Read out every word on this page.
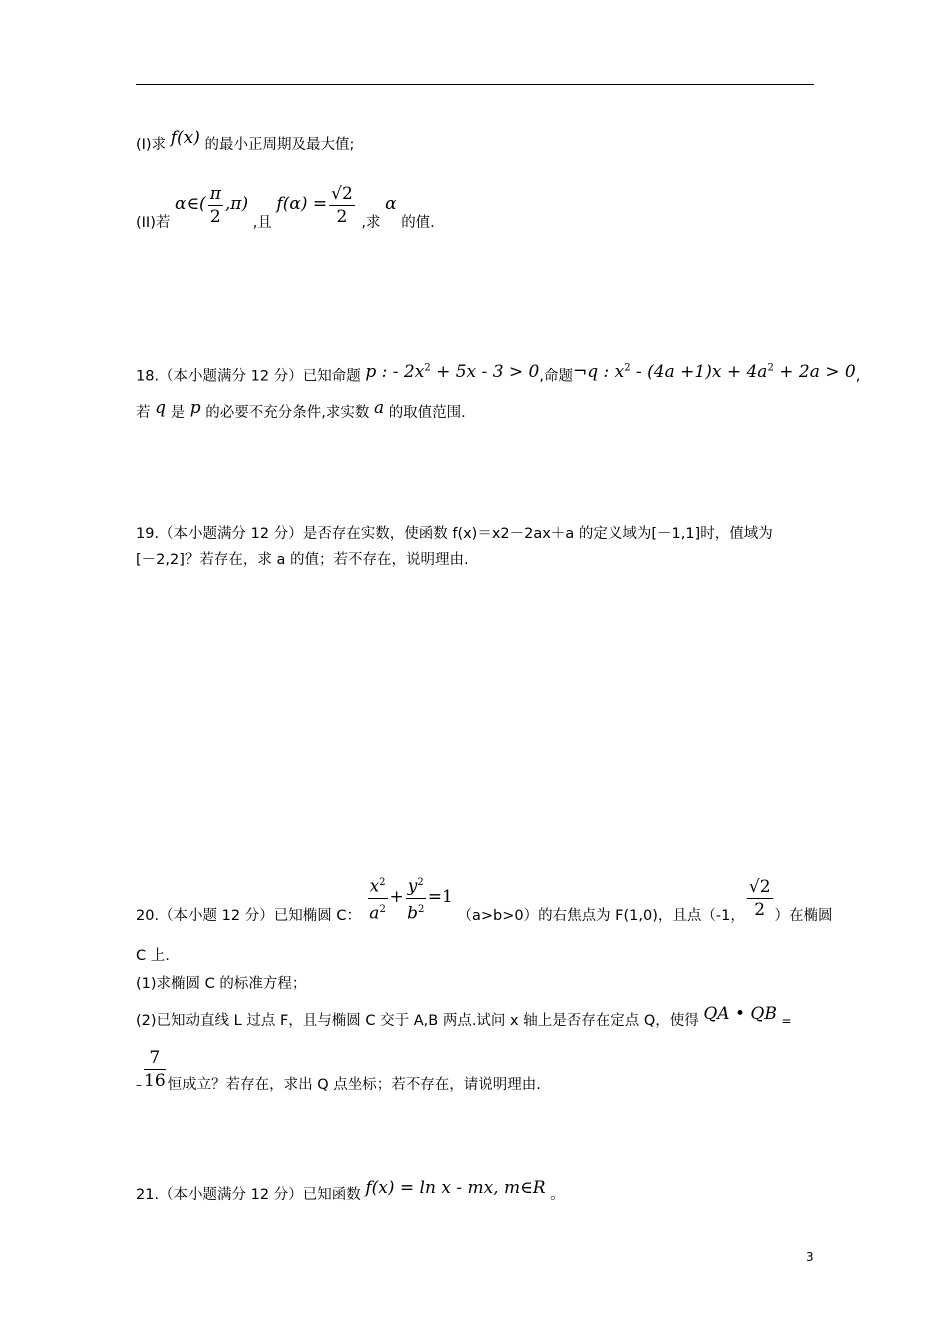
(I)求 f(x) 的最小正周期及最大值;
(II)若 α∈( $\frac{\pi}{2} ,\pi$) ,且 $f(\alpha) = \frac{√2}{2}$ ,求 α 的值.
18.（本小题满分 12 分）已知命题 p : - $2x^2 + 5x - 3 > 0$,命题¬q : $x^2 - (4a +1)x + 4a^2 + 2a > 0$,
若 q 是 p 的必要不充分条件,求实数 a 的取值范围.
19.（本小题满分 12 分）是否存在实数，使函数 f(x)＝x2－2ax＋a 的定义域为[－1,1]时，值域为
[－2,2]？若存在，求 a 的值；若不存在，说明理由.
20.（本小题 12 分）已知椭圆 C： $\frac{x^2}{a^2} + \frac{y^2}{b^2} =1$ （a>b>0）的右焦点为 F(1,0)，且点（-1， $\frac{√2}{2}$ ）在椭圆
C 上.
(1)求椭圆 C 的标准方程；
(2)已知动直线 L 过点 F，且与椭圆 C 交于 A,B 两点.试问 x 轴上是否存在定点 Q，使得 QA • QB =
$_- \frac{7}{16}$ 恒成立？若存在，求出 Q 点坐标；若不存在，请说明理由.
21.（本小题满分 12 分）已知函数 f(x) = ln x - mx, m∈R 。
3
